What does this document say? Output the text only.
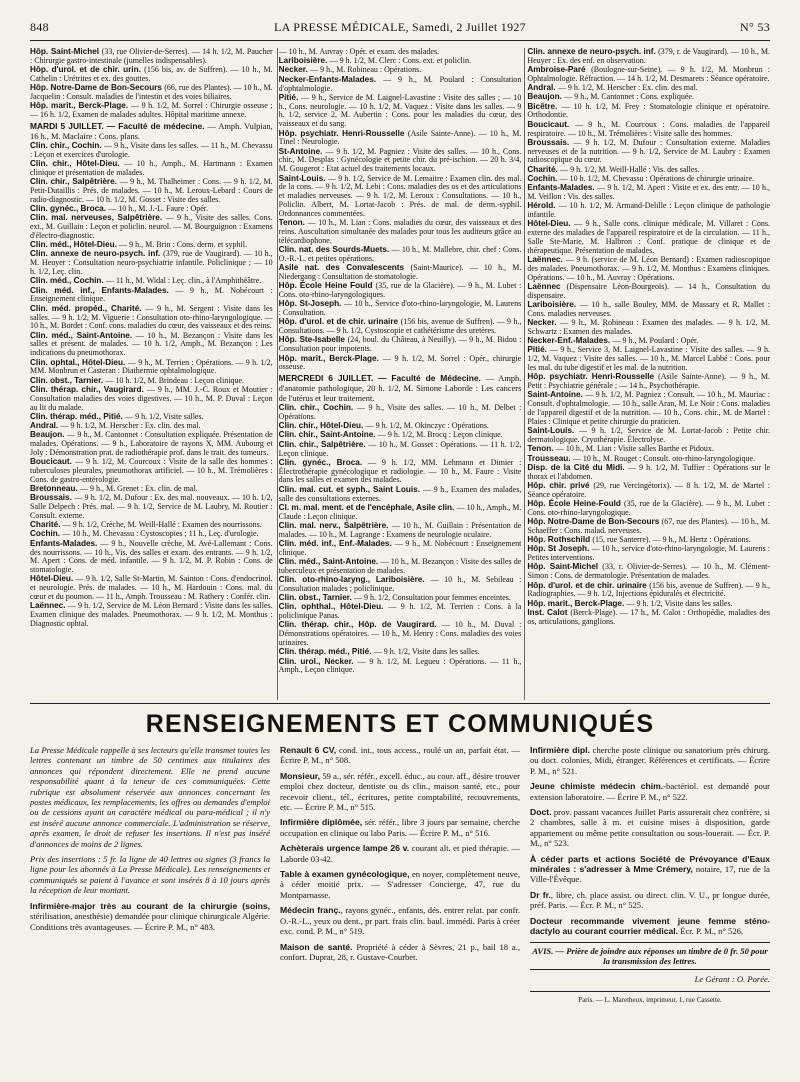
848	LA PRESSE MÉDICALE, Samedi, 2 Juillet 1927	N° 53

Hôp. Saint-Michel (33, rue Olivier-de-Serres). — 14 h. 1/2, M. Paucher : Chirurgie gastro-intestinale (jumelles indispensables).

Hôp. d'urol. et de chir. urin. (156 bis, av. de Suffren). — 10 h., M. Cathelin : Urétrites et ex. des gouttes.

Hôp. Notre-Dame de Bon-Secours (66, rue des Plantes). — 10 h., M. Jacquelin : Consult. maladies de l'intestin et des voies biliaires.

Hôp. marit., Berck-Plage. — 9 h. 1/2, M. Sorrel : Chirurgie osseuse ; — 16 h. 1/2, Examen de malades adultes. Hôpital maritime annexe.

MARDI 5 JUILLET. — Faculté de médecine. — Amph. Vulpian, 16 h., M. Maclaire : Cons. plans.

Clin. chir., Cochin. — 9 h., Visite dans les salles. — 11 h., M. Chevassu : Leçon et exercices d'urologie.

Clin. chir., Hôtel-Dieu. — 10 h., Amph., M. Hartmann : Examen clinique et présentation de malades.

Clin. chir., Salpêtrière. — 9 h., M. Thalheimer : Cons. — 9 h. 1/2, M. Petit-Dutaillis : Prés. de malades. — 10 h., M. Leroux-Lebard : Cours de radio-diagnostic. — 10 h. 1/2, M. Gosset : Visite des salles.

Clin. gynéc., Broca. — 10 h., M. J.-L. Faure : Opér.

Clin. mal. nerveuses, Salpêtrière. — 9 h., Visite des salles. Cons. ext., M. Guillain : Leçon et policlin. neurol. — M. Bourguignon : Examens d'électro-diagnostic.

Clin. méd., Hôtel-Dieu. — 9 h., M. Brin : Cons. derm. et syphil.

Clin. annexe de neuro-psych. inf. (379, rue de Vaugirard). — 10 h., M. Heuyer : Consultation neuro-psychiatrie infantile. Policlinique ; — 10 h. 1/2, Leç. clin.

Clin. méd., Cochin. — 11 h., M. Widal : Leç. clin., à l'Amphithéâtre.

Clin. méd. inf., Enfants-Malades. — 9 h., M. Nobécourt : Enseignement clinique.

Clin. méd. propéd., Charité. — 9 h., M. Sergent : Visite dans les salles. — 9 h. 1/2, M. Viguerie : Consultation oto-rhino-laryngologique. — 10 h., M. Bordet : Conf. cons. maladies du cœur, des vaisseaux et des reins.

Clin. méd., Saint-Antoine. — 10 h., M. Bezançon : Visite dans les salles et présent. de malades. — 10 h. 1/2, Amph., M. Bezançon : Les indications du pneumothorax.

Clin. ophtal., Hôtel-Dieu. — 9 h., M. Terrien : Opérations. — 9 h. 1/2, MM. Monbrun et Casteran : Diathermie ophtalmologique.

Clin. obst., Tarnier. — 10 h. 1/2, M. Brindeau : Leçon clinique.

Clin. thérap. chir., Vaugirard. — 9 h., MM. J.-C. Roux et Moutier : Consultation maladies des voies digestives. — 10 h., M. P. Duval : Leçon au lit du malade.

Clin. thérap. méd., Pitié. — 9 h. 1/2, Visite salles.

Andral. — 9 h. 1/2, M. Herscher : Ex. clin. des mal.

Beaujon. — 9 h., M. Cantonnet : Consultation expliquée. Présentation de malades. Opérations. — 9 h., Laboratoire de rayons X, MM. Aubourg et Joly : Démonstration prat. de radiothérapie prof. dans le trait. des tumeurs.

Boucicaut. — 9 h. 1/2, M. Courcoux : Visite de la salle des hommes : tuberculoses pleurales, pneumothorax artificiel. — 10 h., M. Trémolières : Cons. de gastro-entérologie.

Bretonneau. — 9 h., M. Grenet : Ex. clin. de mal.

Broussais. — 9 h. 1/2, M. Dufour : Ex. des mal. nouveaux. — 10 h. 1/2, Salle Delpech : Prés. mal. — 9 h. 1/2, Service de M. Laubry, M. Routier : Consult. externe.

Charité. — 9 h. 1/2, Crèche, M. Weill-Hallé : Examen des nourrissons.

Cochin. — 10 h., M. Chevassu : Cystoscopies ; 11 h., Leç. d'urologie.

Enfants-Malades. — 9 h., Nouvelle crèche, M. Avé-Lallemant : Cons. des nourrissons. — 10 h., Vis. des salles et exam. des entrants. — 9 h. 1/2, M. Apert : Cons. de méd. infantile. — 9 h. 1/2, M. P. Robin : Cons. de stomatologie.

Hôtel-Dieu. — 9 h. 1/2, Salle St-Martin, M. Sainton : Cons. d'endocrinol. et neurologie. Prés. de malades. — 10 h., M. Hardouin : Cons. mal. du cœur et du poumon. — 11 h., Amph. Trousseau : M. Rathery : Confér. clin.

Laënnec. — 9 h. 1/2, Service de M. Léon Bernard : Visite dans les salles. Examen clinique des malades. Pneumothorax. — 9 h. 1/2, M. Monthus : Diagnostic ophtal.

— 10 h., M. Auvray : Opér. et exam. des malades.

Lariboisière. — 9 h. 1/2, M. Clerc : Cons. ext. et policlin.

Necker. — 9 h., M. Robineau : Opérations.

Necker-Enfants-Malades. — 9 h., M. Poulard : Consultation d'ophtalmologie.

Pitié. — 9 h., Service de M. Laignel-Lavastine : Visite des salles ; — 10 h., Cons. neurologie. — 10 h. 1/2, M. Vaquez : Visite dans les salles. — 9 h. 1/2, service 2, M. Aubertin : Cons. pour les maladies du cœur, des vaisseaux et du sang.

Hôp. psychiatr. Henri-Rousselle (Asile Sainte-Anne). — 10 h., M. Tinel : Neurologie.

St-Antoine. — 9 h. 1/2, M. Pagniez : Visite des salles. — 10 h., Cons. chir., M. Desplas : Gynécologie et petite chir. du pré-ischion. — 20 h. 3/4, M. Gougerot : Etat actuel des traitements locaux.

Saint-Louis. — 9 h. 1/2, Service de M. Lemaitre : Examen clin. des mal. de la cons. — 9 h. 1/2, M. Lebi : Cons. maladies des os et des articulations et maladies nerveuses. — 9 h. 1/2, M. Leroux : Consultations. — 10 h., Policlin. Albert, M. Lortat-Jacob : Prés. de mal. de derm.-syphil. Ordonnances commentées.

Tenon. — 10 h., M. Lian : Cons. maladies du cœur, des vaisseaux et des reins. Auscultation simultanée des malades pour tous les auditeurs grâce au télécardiophone.

Clin. nat. des Sourds-Muets. — 10 h., M. Mallebre, chir. chef : Cons. O.-R.-L. et petites opérations.

Asile nat. des Convalescents (Saint-Maurice). — 10 h., M. Niedergang : Consultation de stomatologie.

Hôp. École Heine Fould (35, rue de la Glacière). — 9 h., M. Lubet : Cons. oto-rhino-laryngologiques.

Hôp. St-Joseph. — 10 h., Service d'oto-rhino-laryngologie, M. Laurens : Consultation.

Hôp. d'urol. et de chir. urinaire (156 bis, avenue de Suffren). — 9 h., Consultations. — 9 h. 1/2, Cystoscopie et cathétérisme des uretères.

Hôp. Ste-Isabelle (24, boul. du Château, à Neuilly). — 9 h., M. Bidou : Consultation pour impotents.

Hôp. marit., Berck-Plage. — 9 h. 1/2, M. Sorrel : Opér., chirurgie osseuse.

MERCREDI 6 JUILLET. — Faculté de Médecine. — Amph. d'anatomie pathologique, 20 h. 1/2, M. Simone Laborde : Les cancers de l'utérus et leur traitement.

Clin. chir., Cochin. — 9 h., Visite des salles. — 10 h., M. Delbet : Opérations.

Clin. chir., Hôtel-Dieu. — 9 h. 1/2, M. Okinczyc : Opérations.

Clin. chir., Saint-Antoine. — 9 h. 1/2, M. Brocq : Leçon clinique.

Clin. chir., Salpêtrière. — 10 h., M. Gosset : Opérations. — 11 h. 1/2, Leçon clinique.

Clin. gynéc., Broca. — 9 h. 1/2, MM. Lehmann et Dimier : Électrothérapie gynécologique et radiologie. — 10 h., M. Faure : Visite dans les salles et examen des malades.

Clin. mal. cut. et syph., Saint Louis. — 9 h., Examen des malades, salle des consultations externes.

Cl. m. mal. ment. et de l'encéphale, Asile clin. — 10 h., Amph., M. Claude : Leçon clinique.

Clin. mal. nerv., Salpêtrière. — 10 h., M. Guillain : Présentation de malades. — 10 h., M. Lagrange : Examens de neurologie oculaire.

Clin. méd. inf., Enf.-Malades. — 9 h., M. Nobécourt : Enseignement clinique.

Clin. méd., Saint-Antoine. — 10 h., M. Bezançon : Visite des salles de tuberculeux et présentation de malades.

Clin. oto-rhino-laryng., Lariboisière. — 10 h., M. Sebileau : Consultation malades ; policlinique.

Clin. obst., Tarnier. — 9 h. 1/2, Consultation pour femmes enceintes.

Clin. ophthal., Hôtel-Dieu. — 9 h. 1/2, M. Terrien : Cons. à la policlinique Panas.

Clin. thérap. chir., Hôp. de Vaugirard. — 10 h., M. Duval : Démonstrations opératoires. — 10 h., M. Henry : Cons. maladies des voies urinaires.

Clin. thérap. méd., Pitié. — 9 h. 1/2, Visite dans les salles.

Clin. urol., Necker. — 9 h. 1/2, M. Legueu : Opérations. — 11 h., Amph., Leçon clinique.

Clin. annexe de neuro-psych. inf. (379, r. de Vaugirard). — 10 h., M. Heuyer : Ex. des enf. en observation.

Ambroise-Paré (Boulogne-sur-Seine). — 9 h. 1/2, M. Monbrun : Ophtalmologie. Réfraction. — 14 h. 1/2, M. Desmarets : Séance opératoire.

Andral. — 9 h. 1/2, M. Herscher : Ex. clin. des mal.

Beaujon. — 9 h., M. Cantonnet : Cons. expliquée.

Bicêtre. — 10 h. 1/2, M. Frey : Stomatologie clinique et opératoire. Orthodontie.

Boucicaut. — 9 h., M. Courcoux : Cons. maladies de l'appareil respiratoire. — 10 h., M. Trémolières : Visite salle des hommes.

Broussais. — 9 h. 1/2, M. Dufour : Consultation externe. Maladies nerveuses et de la nutrition. — 9 h. 1/2, Service de M. Laubry : Examen radioscopique du cœur.

Charité. — 9 h. 1/2, M. Weill-Hallé : Vis. des salles.

Cochin. — 10 h. 1/2, M. Chevassu : Opérations de chirurgie urinaire.

Enfants-Malades. — 9 h. 1/2, M. Apert : Visite et ex. des entr. — 10 h., M. Veillon : Vis. des salles.

Hérold. — 10 h. 1/2, M. Armand-Delille : Leçon clinique de pathologie infantile.

Hôtel-Dieu. — 9 h., Salle cons. clinique médicale, M. Villaret : Cons. externe des maladies de l'appareil respiratoire et de la circulation. — 11 h., Salle Ste-Marie, M. Halbron : Conf. pratique de clinique et de thérapeutique. Présentation de malades.

Laënnec. — 9 h. (service de M. Léon Bernard) : Examen radioscopique des malades. Pneumothorax. — 9 h. 1/2, M. Monthus : Examens cliniques. Opérations. — 10 h., M. Auvray : Opérations.

Laënnec (Dispensaire Léon-Bourgeois). — 14 h., Consultation du dispensaire.

Lariboisière. — 10 h., salle Bouley, MM. de Massary et R. Mallet : Cons. maladies nerveuses.

Necker. — 9 h., M. Robineau : Examen des malades. — 9 h. 1/2, M. Schwartz : Examen des malades.

Necker-Enf.-Malades. — 9 h., M. Poulard : Opér.

Pitié. — 9 h., Service 3, M. Laignel-Lavastine : Visite des salles. — 9 h. 1/2, M. Vaquez : Visite des salles. — 10 h., M. Marcel Labbé : Cons. pour les mal. du tube digestif et les mal. de la nutrition.

Hôp. psychiatr. Henri-Rousselle (Asile Sainte-Anne). — 9 h., M. Petit : Psychiatrie générale ; — 14 h., Psychothérapie.

Saint-Antoine. — 9 h. 1/2, M. Pagniez : Consult. — 10 h., M. Mauriac : Consult. d'ophtalmologie. — 10 h., salle Aran, M. Le Noir : Cons. maladies de l'appareil digestif et de la nutrition. — 10 h., Cons. chir., M. de Martel : Plaies : Clinique et petite chirurgie du praticien.

Saint-Louis. — 9 h. 1/2, Service de M. Lortat-Jacob : Petite chir. dermatologique. Cryothérapie. Électrolyse.

Tenon. — 10 h., M. Lian : Visite salles Barthe et Pidoux.

Trousseau. — 10 h., M. Rouget : Consult. oto-rhino-laryngologique.

Disp. de la Cité du Midi. — 9 h. 1/2, M. Tuffier : Opérations sur le thorax et l'abdomen.

Hôp. chir. privé (29, rue Vercingétorix). — 8 h. 1/2, M. de Martel : Séance opératoire.

Hôp. École Heine-Fould (35, rue de la Glacière). — 9 h., M. Lubet : Cons. oto-rhino-laryngologique.

Hôp. Notre-Dame de Bon-Secours (67, rue des Plantes). — 10 h., M. Schaeffer : Cons. malad. nerveuses.

Hôp. Rothschild (15, rue Santerre). — 9 h., M. Hertz : Opérations.

Hôp. St Joseph. — 10 h., service d'oto-rhino-laryngologie, M. Laurens : Petites interventions.

Hôp. Saint-Michel (33, r. Olivier-de-Serres). — 10 h., M. Clément-Simon : Cons. de dermatologie. Présentation de malades.

Hôp. d'urol. et de chir. urinaire (156 bis, avenue de Suffren). — 9 h., Radiographies. — 9 h. 1/2, Injections épiduralés et électricité.

Hôp. marit., Berck-Plage. — 9 h. 1/2, Visite dans les salles.

Inst. Calot (Berck-Plage). — 17 h., M. Calot : Orthopédie, maladies des os, articulations, ganglions.

RENSEIGNEMENTS ET COMMUNIQUÉS

La Presse Médicale rappelle à ses lecteurs qu'elle transmet toutes les lettres contenant un timbre de 50 centimes aux titulaires des annonces qui répondent directement. Elle ne prend aucune responsabilité quant à la teneur de ces communiquées. Cette rubrique est absolument réservée aux annonces concernant les postes médicaux, les remplacements, les offres ou demandes d'emploi ou de cessions ayant un caractère médical ou para-médical ; il n'y est inséré aucune annonce commerciale. L'administration se réserve, après examen, le droit de refuser les insertions. Il n'est pas inséré d'annonces de moins de 2 lignes.

Prix des insertions : 5 fr. la ligne de 40 lettres ou signes (3 francs la ligne pour les abonnés à La Presse Médicale). Les renseignements et communiqués se paient à l'avance et sont insérés 8 à 10 jours après la réception de leur montant.

Infirmière-major très au courant de la chirurgie (soins, stérilisation, anesthésie) demandée pour clinique chirurgicale Algérie. Conditions très avantageuses. — Écrire P. M., n° 483.

Renault 6 CV, cond. int., tous access., roulé un an, parfait état. — Écrire P. M., n° 508.

Monsieur, 59 a., sér. référ., excell. éduc., au cour. aff., désire trouver emploi chez docteur, dentiste ou ds clin., maison santé, etc., pour recevoir client., tél., écritures, petite comptabilité, recouvrements, etc. — Écrire P. M., n° 515.

Infirmière diplômée, sér. référ., libre 3 jours par semaine, cherche occupation en clinique ou labo Paris. — Écrire P. M., n° 516.

Achèterais urgence lampe 26 v. courant alt. et pied thérapie. — Laborde 03-42.

Table à examen gynécologique, en noyer, complètement neuve, à céder moitié prix. — S'adresser Concierge, 47, rue du Montparnasse.

Médecin franç., rayons gynéc., enfants, dés. entrer relat. par confr. O.-R.-L., yeux ou dent., pr part. frais clin. baul. immédi. Paris à créer exc. cond. P. M., n° 519.

Maison de santé. Propriété à céder à Sèvres, 21 p., bail 18 a., confort. Duprat, 28, r. Gustave-Courbet.

Infirmière dipl. cherche poste clinique ou sanatorium près chirurg. ou doct. colonies, Midi, étranger. Références et certificats. — Écrire P. M., n° 521.

Jeune chimiste médecin chim.-bactériol. est demandé pour extension laboratoire. — Écrire P. M., n° 522.

Doct. prov. passant vacances Juillet Paris assurerait chez confrère, si 2 chambres, salle à m. et cuisine mises à disposition, garde appartement ou même petite consultation ou sous-louerait. — Écr. P. M., n° 523.

À céder parts et actions Société de Prévoyance d'Eaux minérales : s'adresser à Mme Crémery, notaire, 17, rue de la Ville-l'Évêque.

Dr fr., libre, ch. place assist. ou direct. clin. V. U., pr longue durée, préf. Paris. — Écr. P. M., n° 525.

Docteur recommande vivement jeune femme sténo-dactylo au courant courrier médical. Écr. P. M., n° 526.

AVIS. — Prière de joindre aux réponses un timbre de 0 fr. 50 pour la transmission des lettres.
Le Gérant : O. Porée.
Paris. — L. Maretheux, imprimeur, 1, rue Cassette.
